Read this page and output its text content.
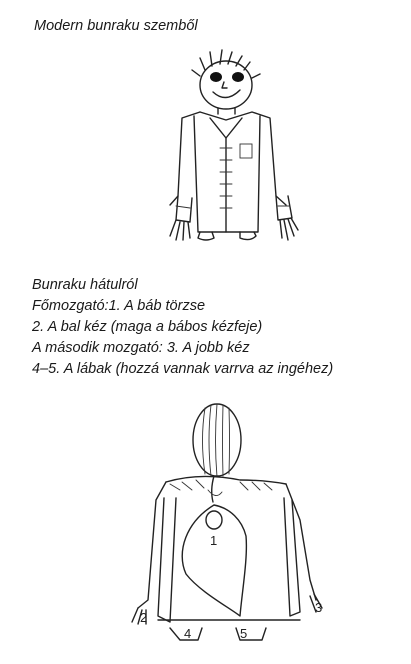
Modern bunraku szemből
Bunraku hátulról
Főmozgató:1. A báb törzse
2. A bal kéz (maga a bábos kézfeje)
A második mozgató: 3. A jobb kéz
4–5. A lábak (hozzá vannak varrva az ingéhez)
1
2
3
4	5
